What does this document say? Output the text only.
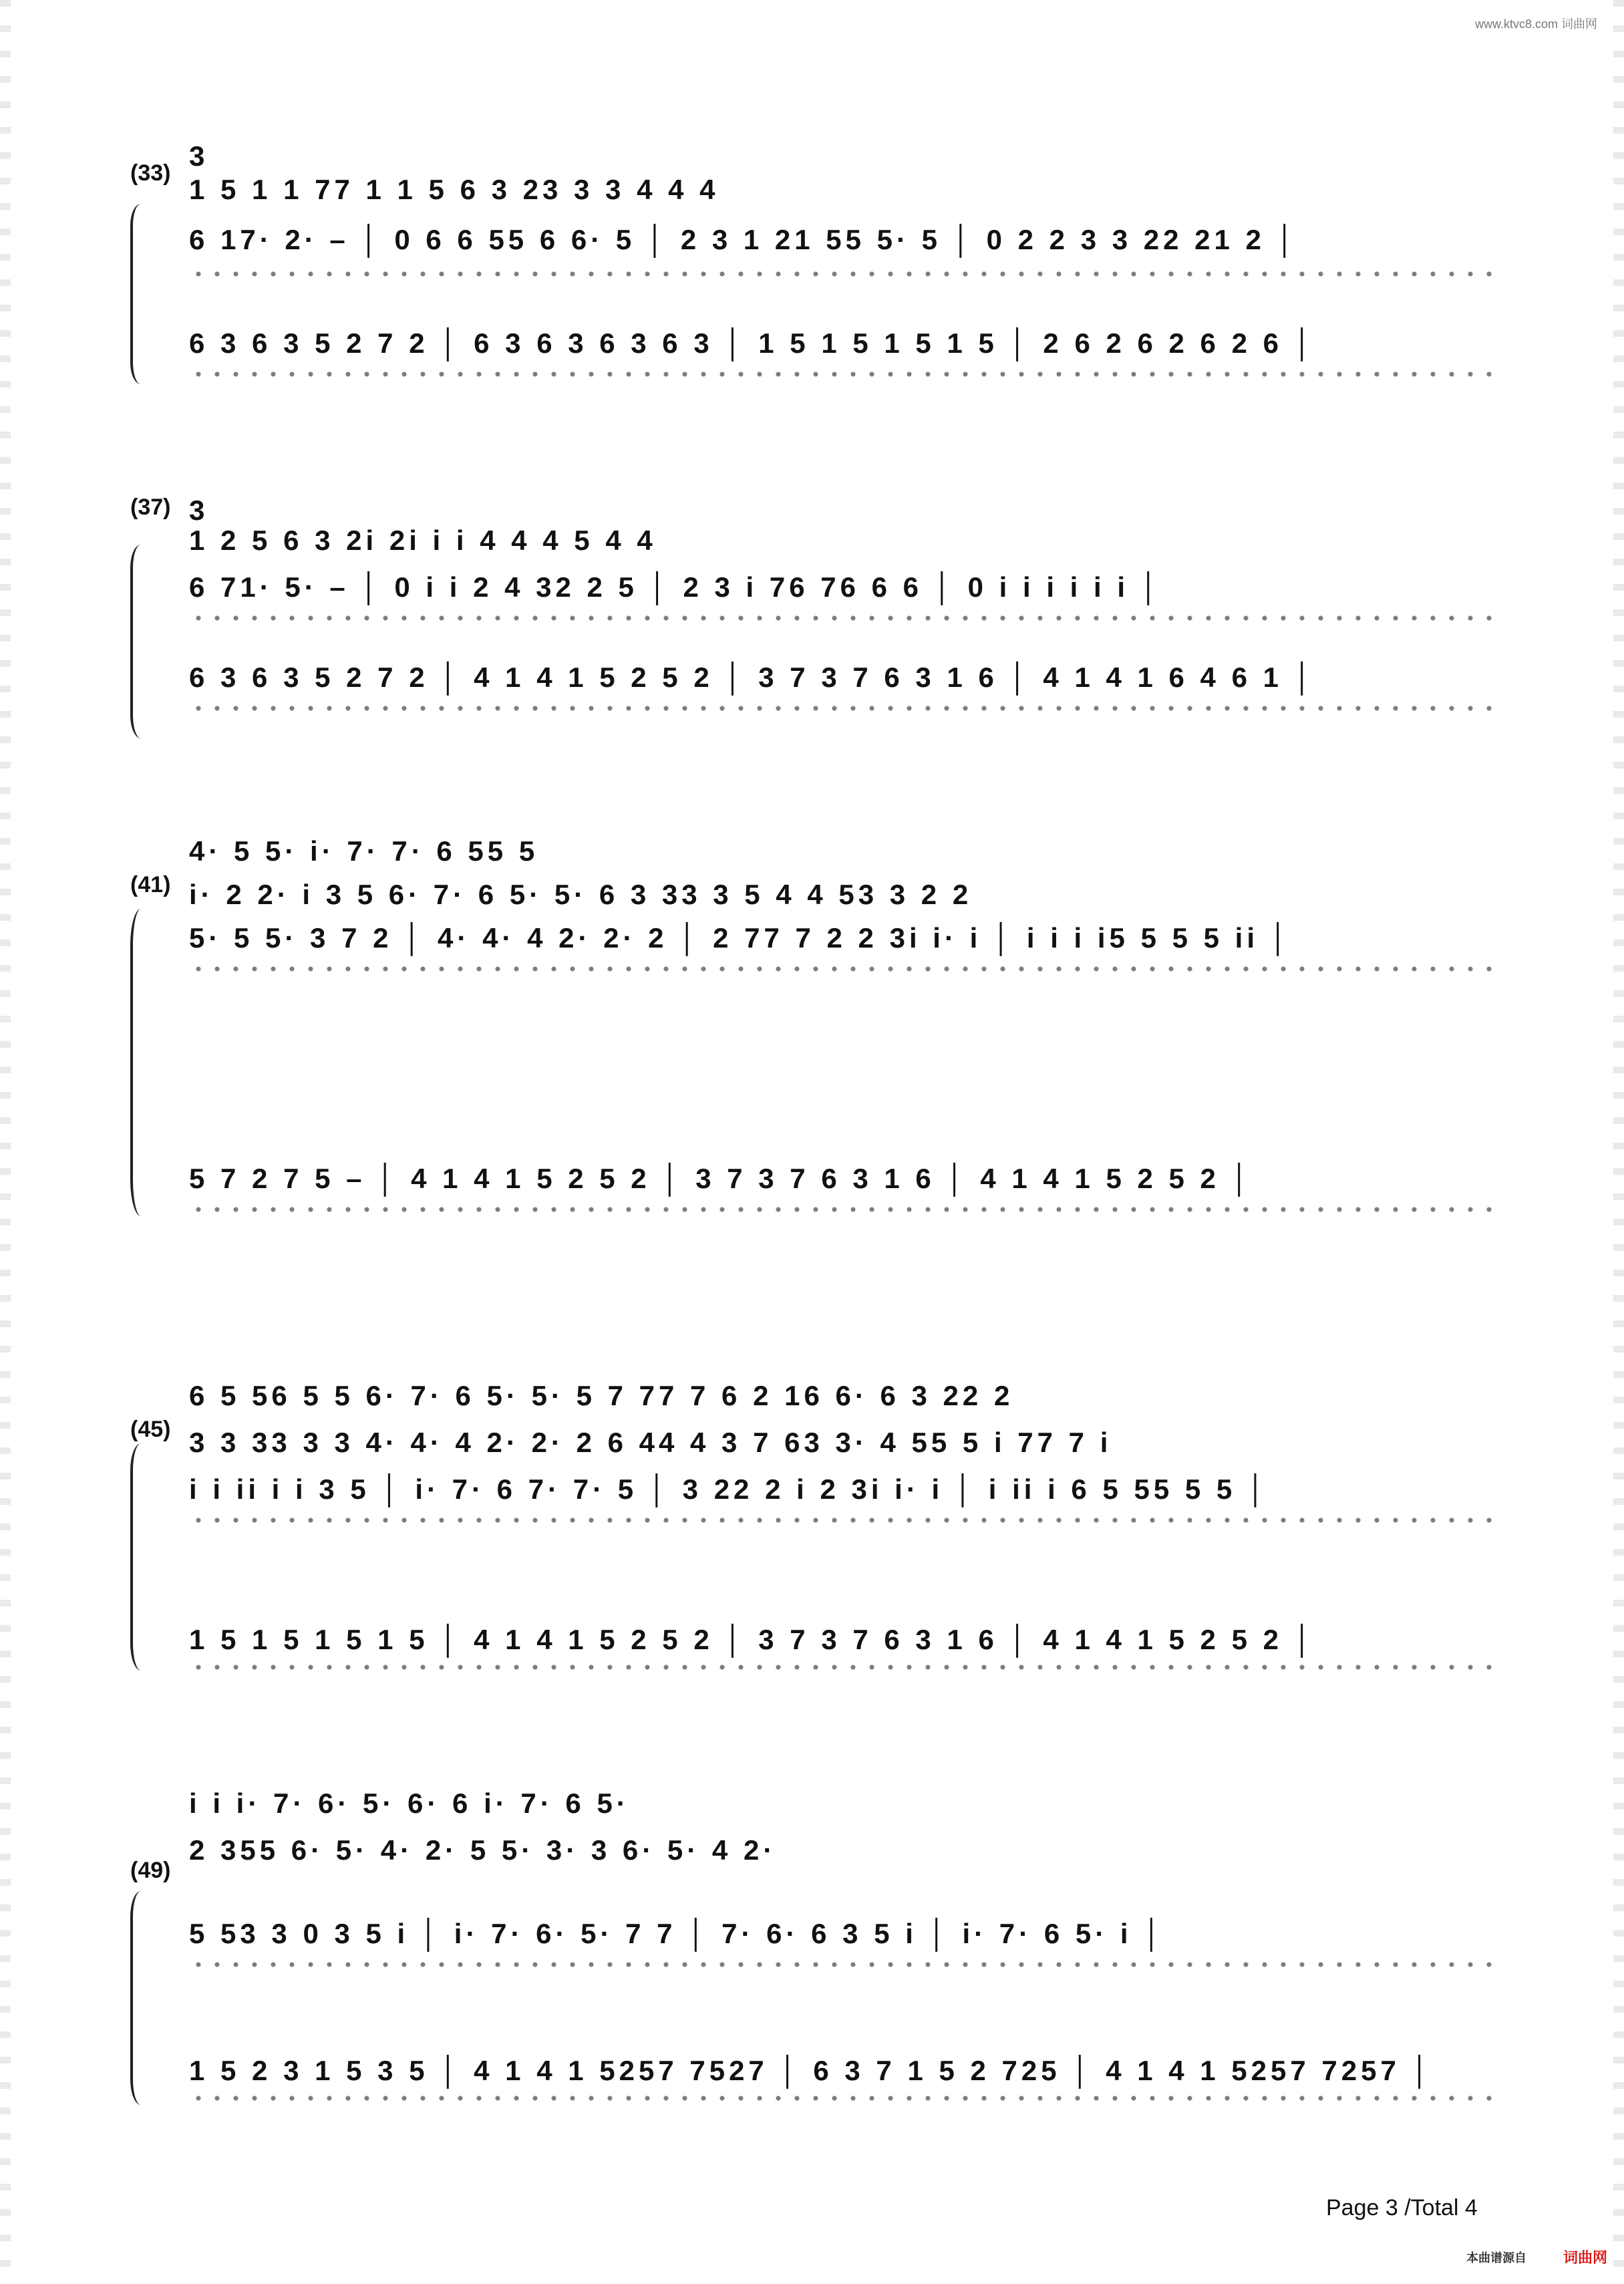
www.ktvc8.com 词曲网
(33)
3
1 5 1 1 77 1 1 5 6 3 23 3 3 4 4 4
6 17· 2· – │ 0 6 6 55 6 6· 5 │ 2 3 1 21 55 5· 5 │ 0 2 2 3 3 22 21 2 │
6 3 6 3 5 2 7 2 │ 6 3 6 3 6 3 6 3 │ 1 5 1 5 1 5 1 5 │ 2 6 2 6 2 6 2 6 │
(37) 3
1 2 5 6 3 2i 2i i i 4 4 4 5 4 4
6 71· 5· – │ 0 i i 2 4 32 2 5 │ 2 3 i 76 76 6 6 │ 0 i i i i i i │
6 3 6 3 5 2 7 2 │ 4 1 4 1 5 2 5 2 │ 3 7 3 7 6 3 1 6 │ 4 1 4 1 6 4 6 1 │
(41)
4· 5 5· i· 7· 7· 6 55 5
i· 2 2· i 3 5 6· 7· 6 5· 5· 6 3 33 3 5 4 4 53 3 2 2
5· 5 5· 3 7 2 │ 4· 4· 4 2· 2· 2 │ 2 77 7 2 2 3i i· i │ i i i i5 5 5 5 ii │
5 7 2 7 5 – │ 4 1 4 1 5 2 5 2 │ 3 7 3 7 6 3 1 6 │ 4 1 4 1 5 2 5 2 │
(45)
6 5 56 5 5 6· 7· 6 5· 5· 5 7 77 7 6 2 16 6· 6 3 22 2
3 3 33 3 3 4· 4· 4 2· 2· 2 6 44 4 3 7 63 3· 4 55 5 i 77 7 i
i i ii i i 3 5 │ i· 7· 6 7· 7· 5 │ 3 22 2 i 2 3i i· i │ i ii i 6 5 55 5 5 │
1 5 1 5 1 5 1 5 │ 4 1 4 1 5 2 5 2 │ 3 7 3 7 6 3 1 6 │ 4 1 4 1 5 2 5 2 │
(49)
i i i· 7· 6· 5· 6· 6 i· 7· 6 5·
2 355 6· 5· 4· 2· 5 5· 3· 3 6· 5· 4 2·
5 53 3 0 3 5 i │ i· 7· 6· 5· 7 7 │ 7· 6· 6 3 5 i │ i· 7· 6 5· i │
1 5 2 3 1 5 3 5 │ 4 1 4 1 5257 7527 │ 6 3 7 1 5 2 725 │ 4 1 4 1 5257 7257 │
Page 3 /Total 4
本曲谱源自	词曲网
